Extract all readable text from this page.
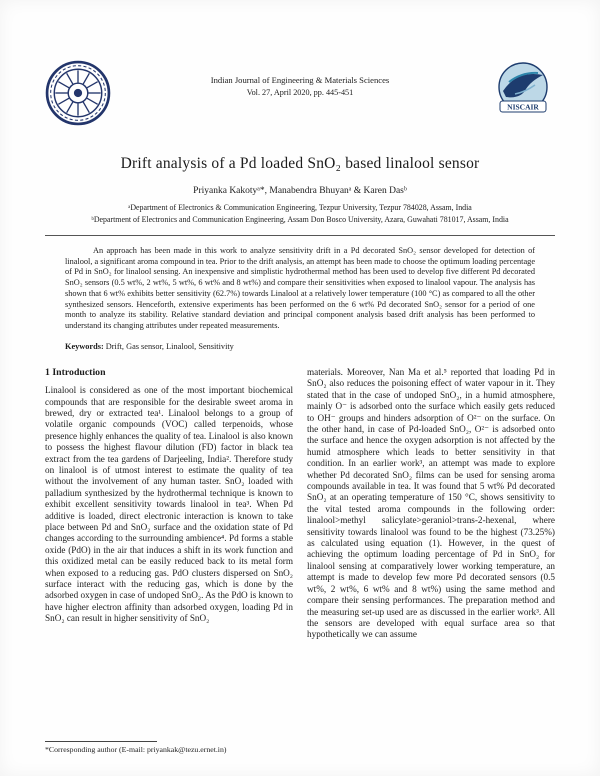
Indian Journal of Engineering & Materials Sciences
Vol. 27, April 2020, pp. 445-451
NISCAIR
Drift analysis of a Pd loaded SnO₂ based linalool sensor
Priyanka Kakotyᵃ*, Manabendra Bhuyanᵃ & Karen Dasᵇ
ᵃDepartment of Electronics & Communication Engineering, Tezpur University, Tezpur 784028, Assam, India
ᵇDepartment of Electronics and Communication Engineering, Assam Don Bosco University, Azara, Guwahati 781017, Assam, India
An approach has been made in this work to analyze sensitivity drift in a Pd decorated SnO₂ sensor developed for detection of linalool, a significant aroma compound in tea. Prior to the drift analysis, an attempt has been made to choose the optimum loading percentage of Pd in SnO₂ for linalool sensing. An inexpensive and simplistic hydrothermal method has been used to develop five different Pd decorated SnO₂ sensors (0.5 wt%, 2 wt%, 5 wt%, 6 wt% and 8 wt%) and compare their sensitivities when exposed to linalool vapour. The analysis has shown that 6 wt% exhibits better sensitivity (62.7%) towards Linalool at a relatively lower temperature (100 °C) as compared to all the other synthesized sensors. Henceforth, extensive experiments has been performed on the 6 wt% Pd decorated SnO₂ sensor for a period of one month to analyze its stability. Relative standard deviation and principal component analysis based drift analysis has been performed to understand its changing attributes under repeated measurements.
Keywords: Drift, Gas sensor, Linalool, Sensitivity
1 Introduction
Linalool is considered as one of the most important biochemical compounds that are responsible for the desirable sweet aroma in brewed, dry or extracted tea¹. Linalool belongs to a group of volatile organic compounds (VOC) called terpenoids, whose presence highly enhances the quality of tea. Linalool is also known to possess the highest flavour dilution (FD) factor in black tea extract from the tea gardens of Darjeeling, India². Therefore study on linalool is of utmost interest to estimate the quality of tea without the involvement of any human taster. SnO₂ loaded with palladium synthesized by the hydrothermal technique is known to exhibit excellent sensitivity towards linalool in tea³. When Pd additive is loaded, direct electronic interaction is known to take place between Pd and SnO₂ surface and the oxidation state of Pd changes according to the surrounding ambience⁴. Pd forms a stable oxide (PdO) in the air that induces a shift in its work function and this oxidized metal can be easily reduced back to its metal form when exposed to a reducing gas. PdO clusters dispersed on SnO₂ surface interact with the reducing gas, which is done by the adsorbed oxygen in case of undoped SnO₂. As the PdO is known to have higher electron affinity than adsorbed oxygen, loading Pd in SnO₂ can result in higher sensitivity of SnO₂
materials. Moreover, Nan Ma et al.⁵ reported that loading Pd in SnO₂ also reduces the poisoning effect of water vapour in it. They stated that in the case of undoped SnO₂, in a humid atmosphere, mainly O⁻ is adsorbed onto the surface which easily gets reduced to OH⁻ groups and hinders adsorption of O²⁻ on the surface. On the other hand, in case of Pd-loaded SnO₂, O²⁻ is adsorbed onto the surface and hence the oxygen adsorption is not affected by the humid atmosphere which leads to better sensitivity in that condition. In an earlier work³, an attempt was made to explore whether Pd decorated SnO₂ films can be used for sensing aroma compounds available in tea. It was found that 5 wt% Pd decorated SnO₂ at an operating temperature of 150 °C, shows sensitivity to the vital tested aroma compounds in the following order: linalool>methyl salicylate>geraniol>trans-2-hexenal, where sensitivity towards linalool was found to be the highest (73.25%) as calculated using equation (1). However, in the quest of achieving the optimum loading percentage of Pd in SnO₂ for linalool sensing at comparatively lower working temperature, an attempt is made to develop few more Pd decorated sensors (0.5 wt%, 2 wt%, 6 wt% and 8 wt%) using the same method and compare their sensing performances. The preparation method and the measuring set-up used are as discussed in the earlier work³. All the sensors are developed with equal surface area so that hypothetically we can assume
*Corresponding author (E-mail: priyankak@tezu.ernet.in)
